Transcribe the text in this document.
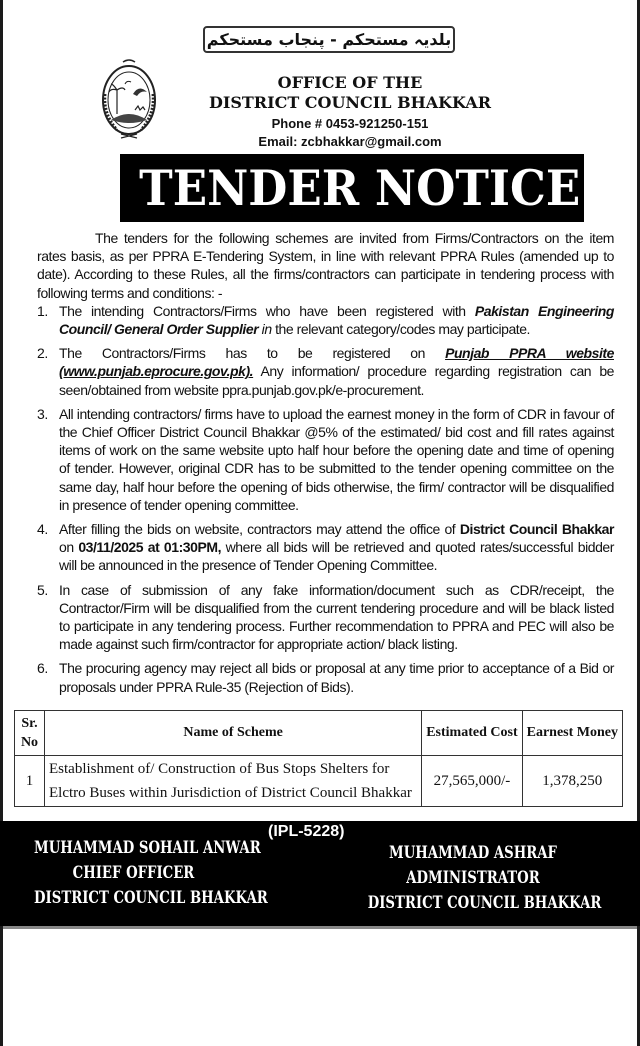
بلدیہ مستحکم - پنجاب مستحکم
OFFICE OF THE
DISTRICT COUNCIL BHAKKAR
Phone # 0453-921250-151
Email: zcbhakkar@gmail.com
TENDER NOTICE

The tenders for the following schemes are invited from Firms/Contractors on the item rates basis, as per PPRA E-Tendering System, in line with relevant PPRA Rules (amended up to date). According to these Rules, all the firms/contractors can participate in tendering process with following terms and conditions: -

1. The intending Contractors/Firms who have been registered with Pakistan Engineering Council/ General Order Supplier in the relevant category/codes may participate.
2. The Contractors/Firms has to be registered on Punjab PPRA website (www.punjab.eprocure.gov.pk). Any information/ procedure regarding registration can be seen/obtained from website ppra.punjab.gov.pk/e-procurement.
3. All intending contractors/ firms have to upload the earnest money in the form of CDR in favour of the Chief Officer District Council Bhakkar @5% of the estimated/ bid cost and fill rates against items of work on the same website upto half hour before the opening date and time of opening of tender. However, original CDR has to be submitted to the tender opening committee on the same day, half hour before the opening of bids otherwise, the firm/ contractor will be disqualified in presence of tender opening committee.
4. After filling the bids on website, contractors may attend the office of District Council Bhakkar on 03/11/2025 at 01:30PM, where all bids will be retrieved and quoted rates/successful bidder will be announced in the presence of Tender Opening Committee.
5. In case of submission of any fake information/document such as CDR/receipt, the Contractor/Firm will be disqualified from the current tendering procedure and will be black listed to participate in any tendering process. Further recommendation to PPRA and PEC will also be made against such firm/contractor for appropriate action/ black listing.
6. The procuring agency may reject all bids or proposal at any time prior to acceptance of a Bid or proposals under PPRA Rule-35 (Rejection of Bids).
Sr. No	Name of Scheme	Estimated Cost	Earnest Money
1	Establishment of/ Construction of Bus Stops Shelters for Elctro Buses within Jurisdiction of District Council Bhakkar	27,565,000/-	1,378,250
(IPL-5228)
MUHAMMAD SOHAIL ANWAR
CHIEF OFFICER
DISTRICT COUNCIL BHAKKAR
MUHAMMAD ASHRAF
ADMINISTRATOR
DISTRICT COUNCIL BHAKKAR
